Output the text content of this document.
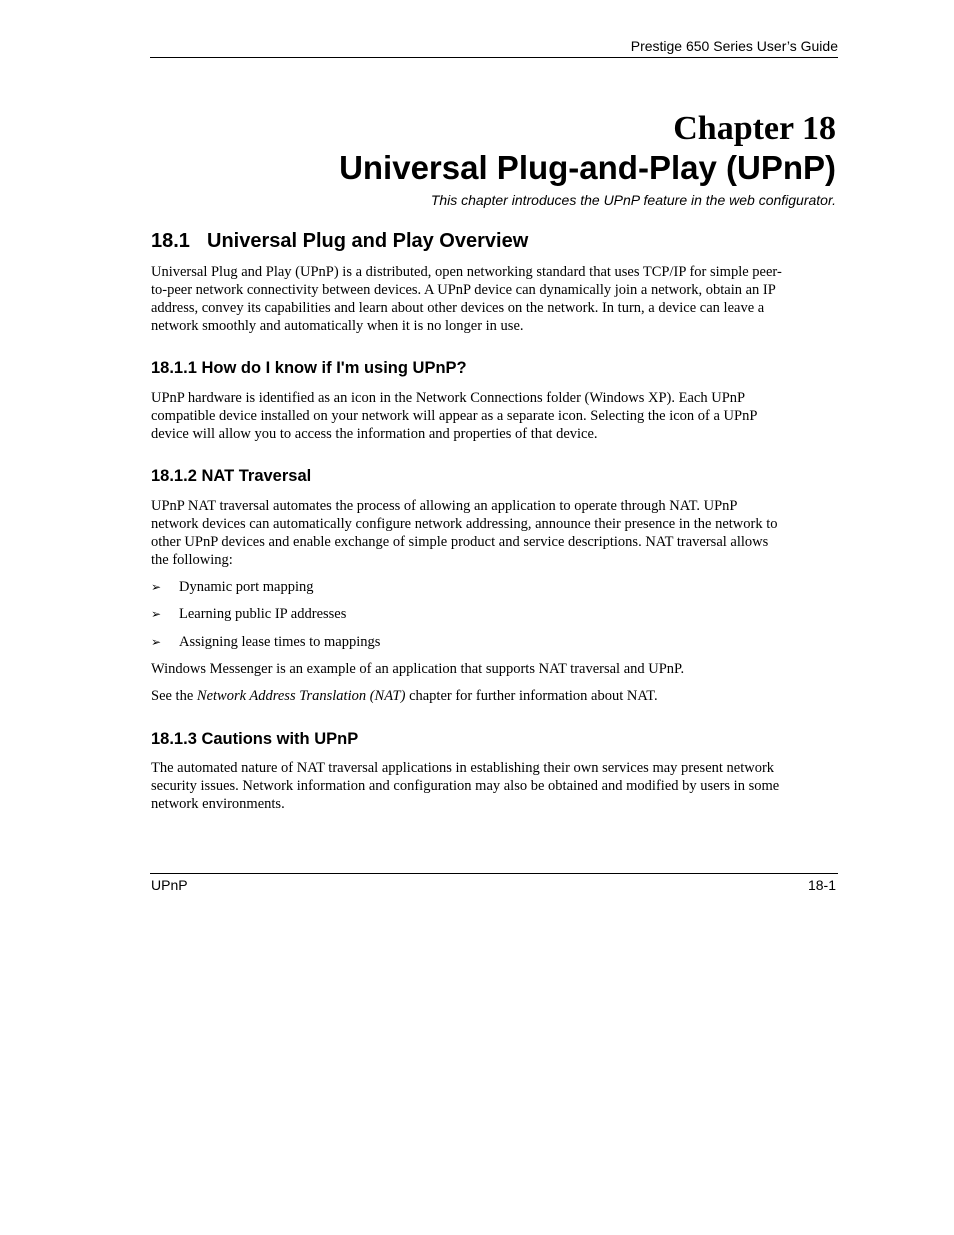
Prestige 650 Series User’s Guide
Chapter 18
Universal Plug-and-Play (UPnP)
This chapter introduces the UPnP feature in the web configurator.
18.1 Universal Plug and Play Overview
Universal Plug and Play (UPnP) is a distributed, open networking standard that uses TCP/IP for simple peer-
to-peer network connectivity between devices. A UPnP device can dynamically join a network, obtain an IP
address, convey its capabilities and learn about other devices on the network. In turn, a device can leave a
network smoothly and automatically when it is no longer in use.
18.1.1 How do I know if I'm using UPnP?
UPnP hardware is identified as an icon in the Network Connections folder (Windows XP). Each UPnP
compatible device installed on your network will appear as a separate icon. Selecting the icon of a UPnP
device will allow you to access the information and properties of that device.
18.1.2 NAT Traversal
UPnP NAT traversal automates the process of allowing an application to operate through NAT. UPnP
network devices can automatically configure network addressing, announce their presence in the network to
other UPnP devices and enable exchange of simple product and service descriptions. NAT traversal allows
the following:
➢ Dynamic port mapping
➢ Learning public IP addresses
➢ Assigning lease times to mappings
Windows Messenger is an example of an application that supports NAT traversal and UPnP.
See the Network Address Translation (NAT) chapter for further information about NAT.
18.1.3 Cautions with UPnP
The automated nature of NAT traversal applications in establishing their own services may present network
security issues. Network information and configuration may also be obtained and modified by users in some
network environments.
UPnP	18-1
